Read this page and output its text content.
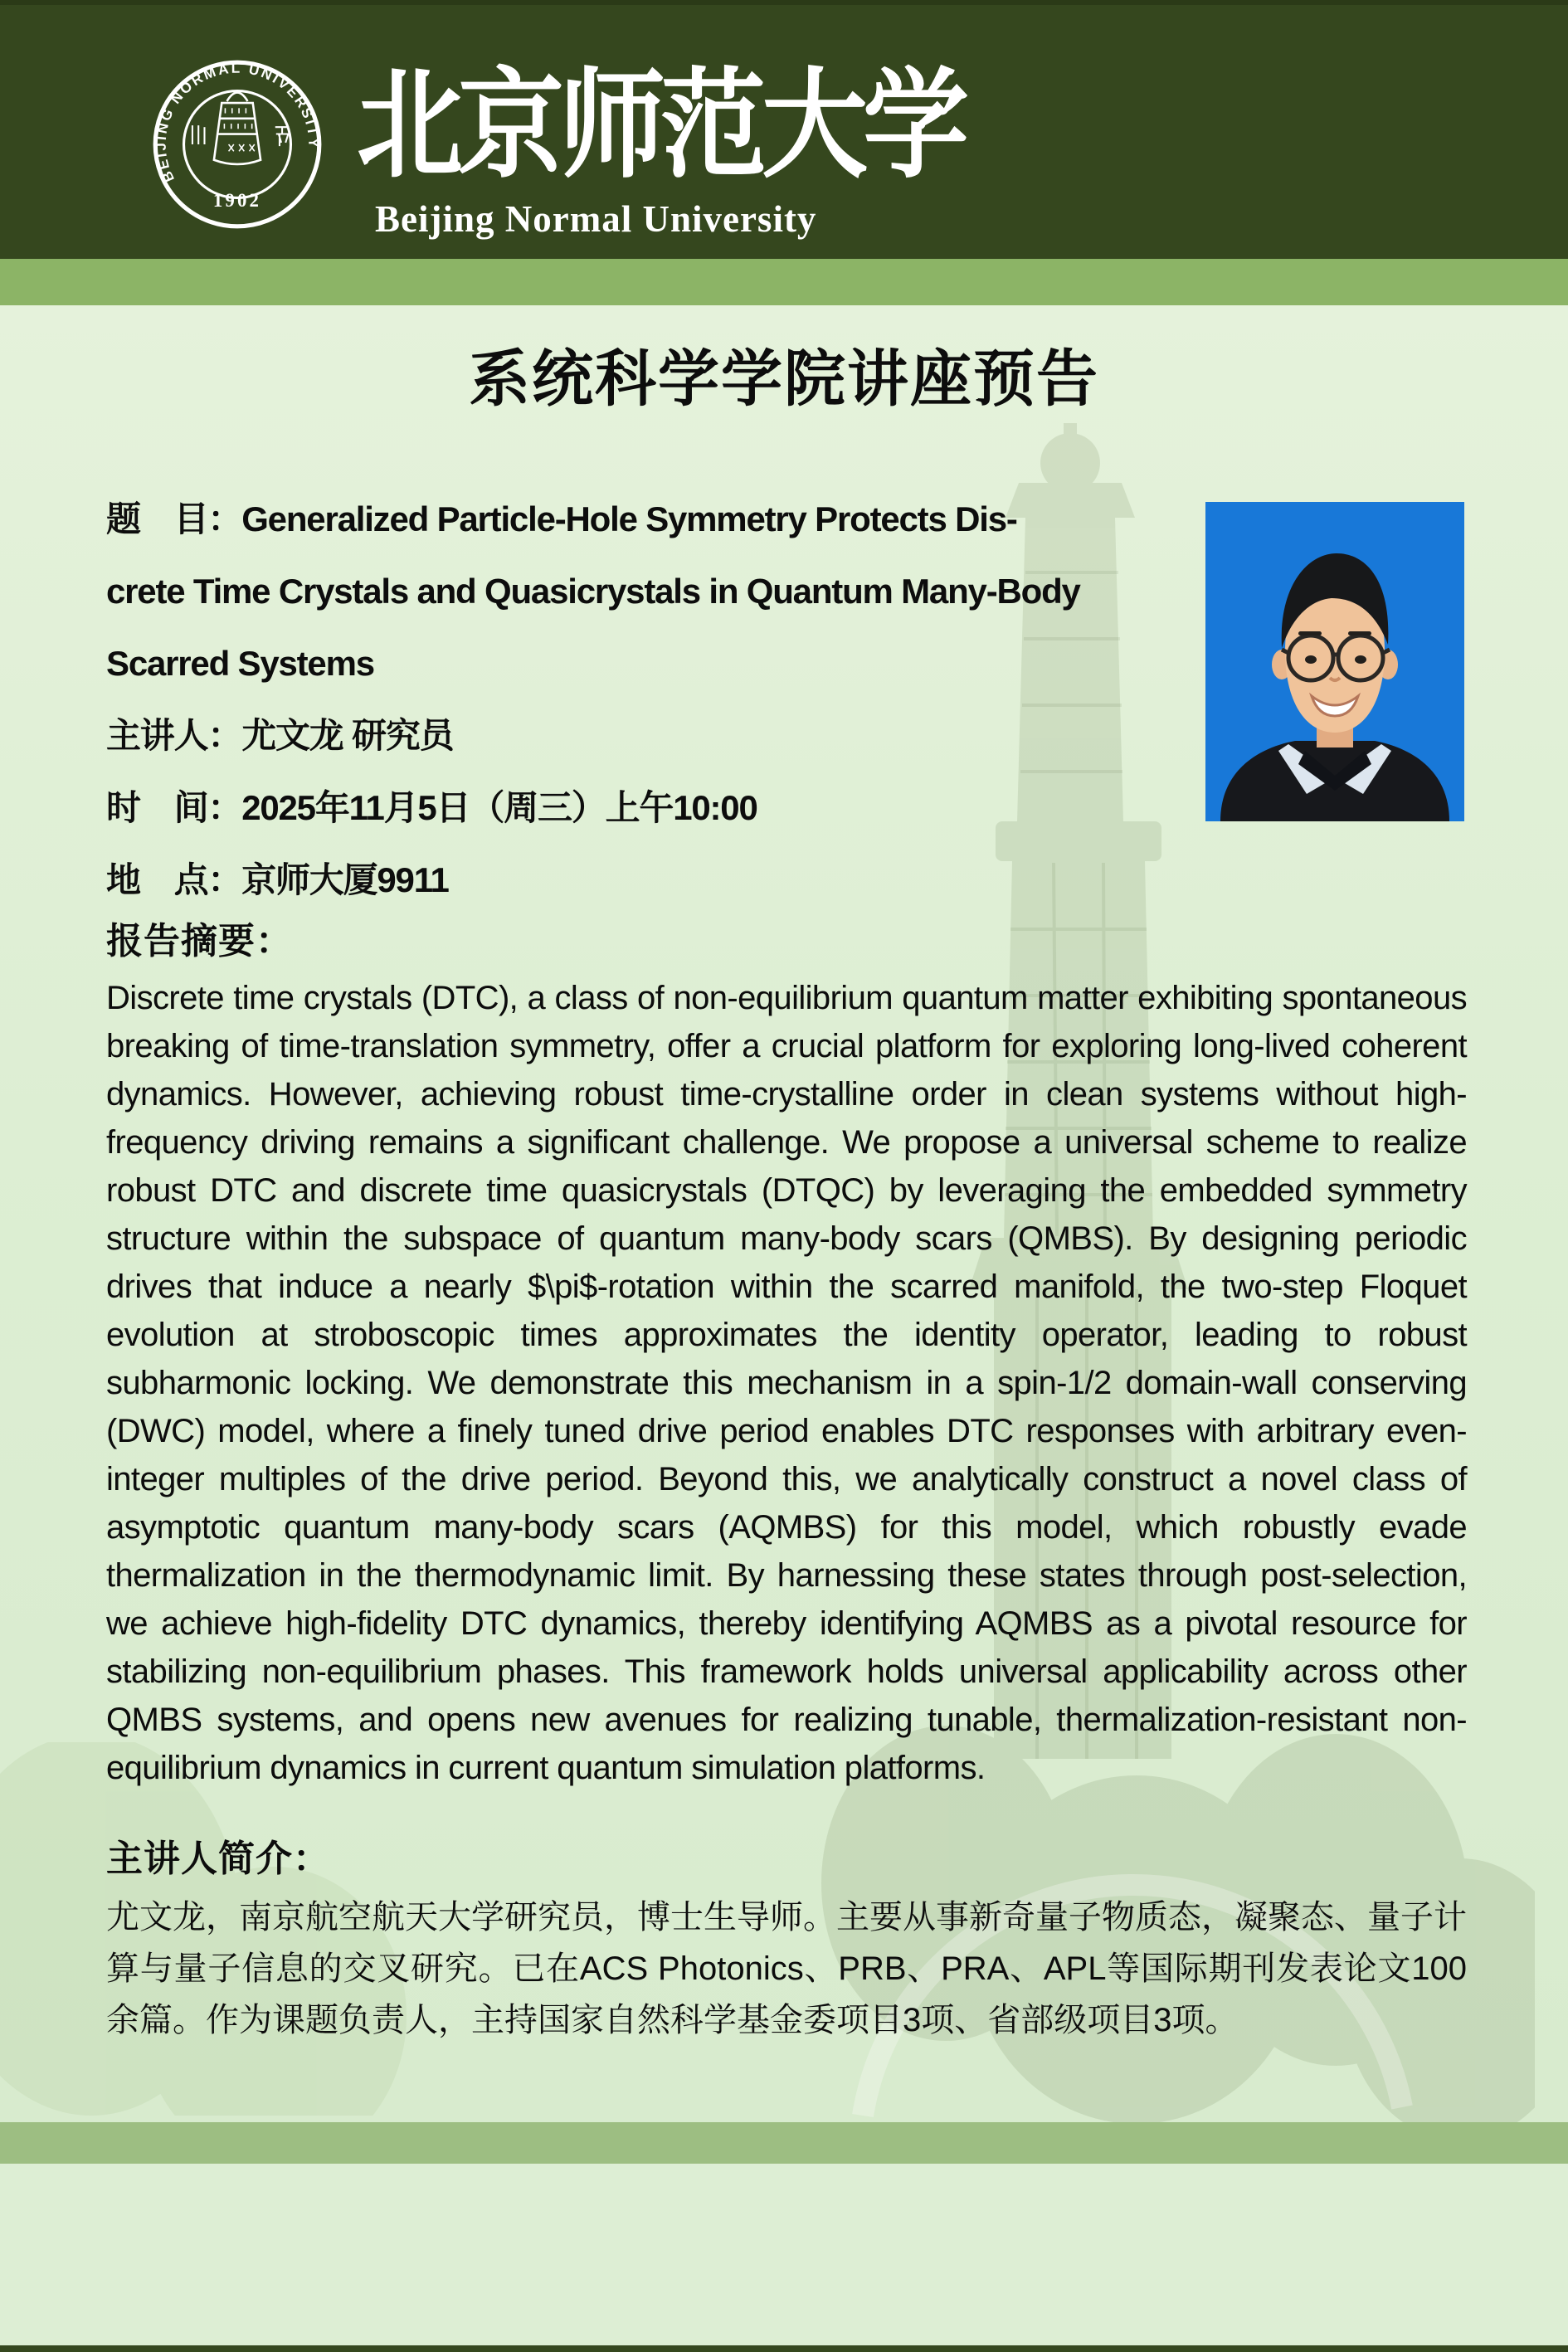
BEIJING NORMAL UNIVERSITY
1902
北京师范大学
Beijing Normal University
系统科学学院讲座预告
题　目：Generalized Particle-Hole Symmetry Protects Dis-
crete Time Crystals and Quasicrystals in Quantum Many-Body
Scarred Systems
主讲人：尤文龙 研究员
时　间：2025年11月5日（周三）上午10:00
地　点：京师大厦9911

报告摘要：

Discrete time crystals (DTC), a class of non-equilibrium quantum matter exhibiting spontaneous breaking of time-translation symmetry, offer a crucial platform for exploring long-lived coherent dynamics. However, achieving robust time-crystalline order in clean systems without high-frequency driving remains a significant challenge. We propose a universal scheme to realize robust DTC and discrete time quasicrystals (DTQC) by leveraging the embedded symmetry structure within the subspace of quantum many-body scars (QMBS). By designing periodic drives that induce a nearly $\pi$-rotation within the scarred manifold, the two-step Floquet evolution at stroboscopic times approximates the identity operator, leading to robust subharmonic locking. We demonstrate this mechanism in a spin-1/2 domain-wall conserving (DWC) model, where a finely tuned drive period enables DTC responses with arbitrary even-integer multiples of the drive period. Beyond this, we analytically construct a novel class of asymptotic quantum many-body scars (AQMBS) for this model, which robustly evade thermalization in the thermodynamic limit. By harnessing these states through post-selection, we achieve high-fidelity DTC dynamics, thereby identifying AQMBS as a pivotal resource for stabilizing non-equilibrium phases. This framework holds universal applicability across other QMBS systems, and opens new avenues for realizing tunable, thermalization-resistant non-equilibrium dynamics in current quantum simulation platforms.

主讲人简介：

尤文龙，南京航空航天大学研究员，博士生导师。主要从事新奇量子物质态，凝聚态、量子计算与量子信息的交叉研究。已在ACS Photonics、PRB、PRA、APL等国际期刊发表论文100余篇。作为课题负责人，主持国家自然科学基金委项目3项、省部级项目3项。
